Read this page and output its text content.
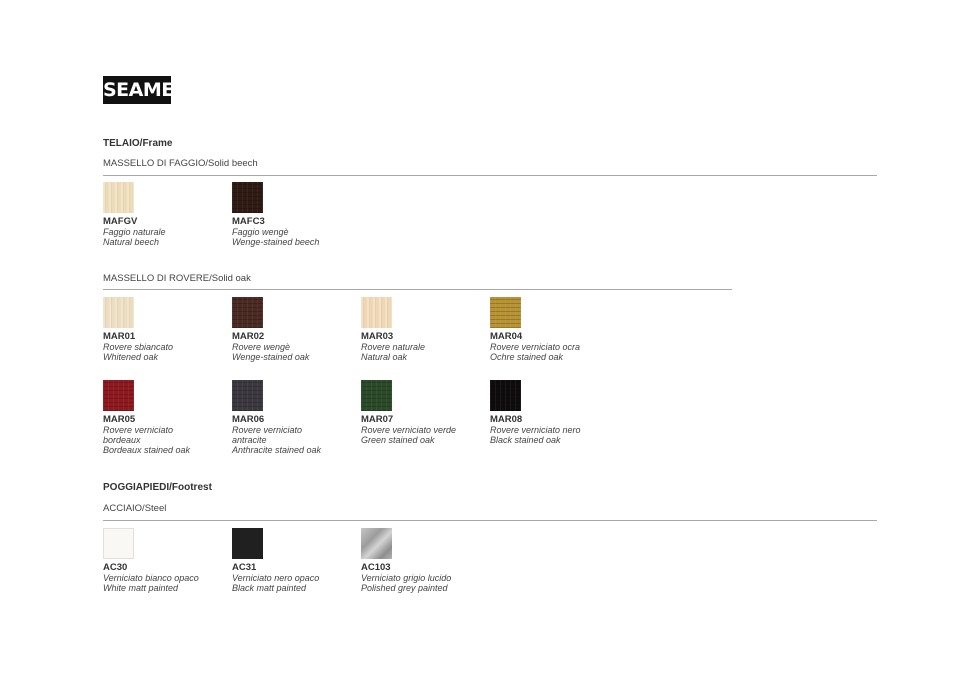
SEAME
TELAIO/Frame
MASSELLO DI FAGGIO/Solid beech
MAFGV
Faggio naturale
Natural beech
MAFC3
Faggio wengè
Wenge-stained beech
MASSELLO DI ROVERE/Solid oak
MAR01
Rovere sbiancato
Whitened oak
MAR02
Rovere wengè
Wenge-stained oak
MAR03
Rovere naturale
Natural oak
MAR04
Rovere verniciato ocra
Ochre stained oak
MAR05
Rovere verniciato
bordeaux
Bordeaux stained oak
MAR06
Rovere verniciato
antracite
Anthracite stained oak
MAR07
Rovere verniciato verde
Green stained oak
MAR08
Rovere verniciato nero
Black stained oak
POGGIAPIEDI/Footrest
ACCIAIO/Steel
AC30
Verniciato bianco opaco
White matt painted
AC31
Verniciato nero opaco
Black matt painted
AC103
Verniciato grigio lucido
Polished grey painted
